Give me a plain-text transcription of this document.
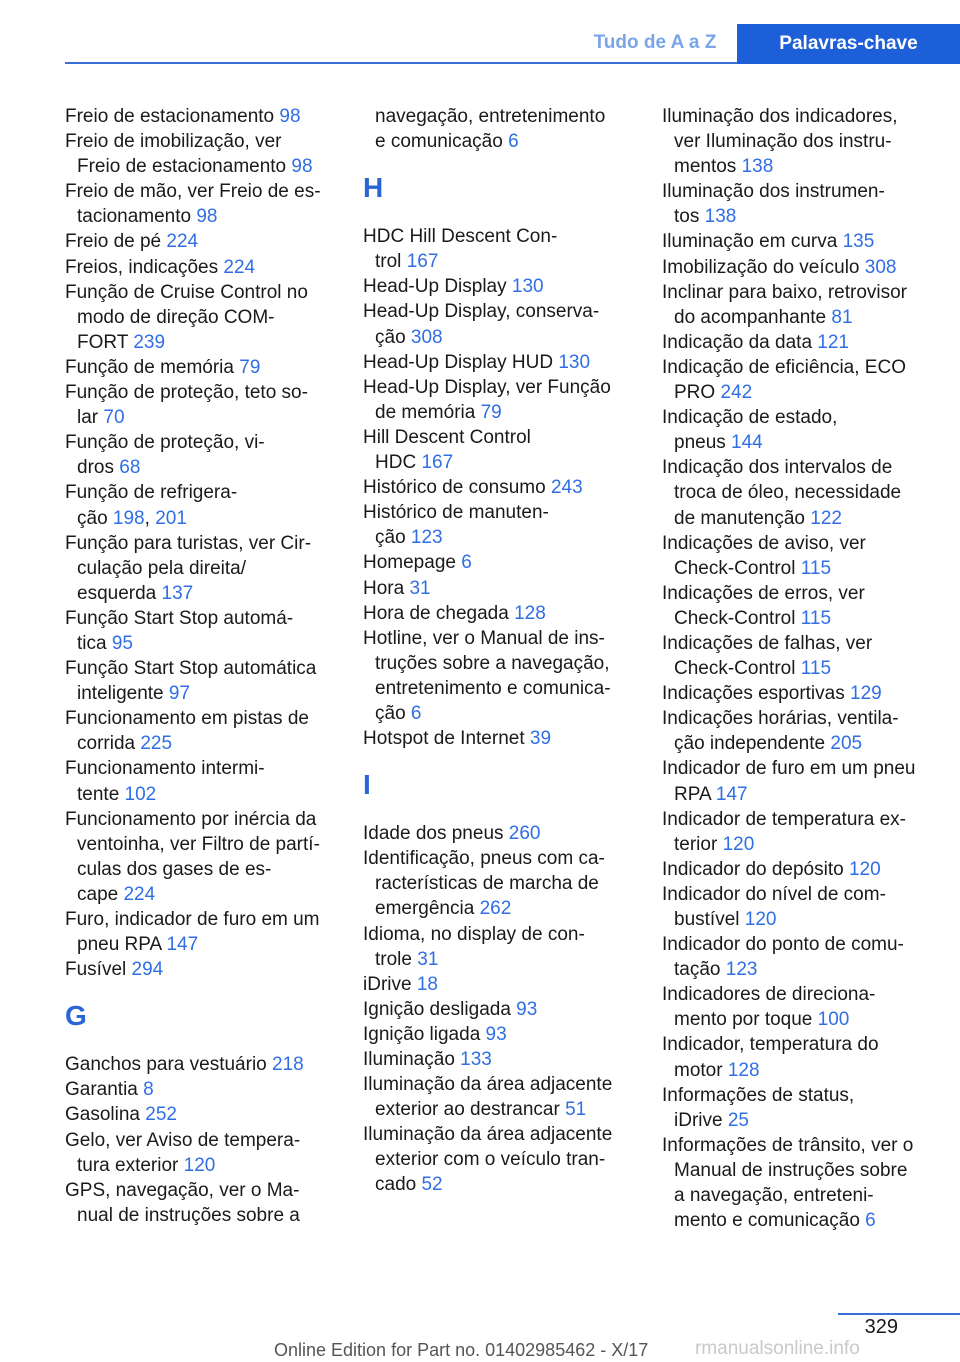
Tudo de A a Z	Palavras-chave
Freio de estacionamento 98
Freio de imobilização, ver
Freio de estacionamento 98
Freio de mão, ver Freio de es-
tacionamento 98
Freio de pé 224
Freios, indicações 224
Função de Cruise Control no
modo de direção COM-
FORT 239
Função de memória 79
Função de proteção, teto so-
lar 70
Função de proteção, vi-
dros 68
Função de refrigera-
ção 198, 201
Função para turistas, ver Cir-
culação pela direita/
esquerda 137
Função Start Stop automá-
tica 95
Função Start Stop automática
inteligente 97
Funcionamento em pistas de
corrida 225
Funcionamento intermi-
tente 102
Funcionamento por inércia da
ventoinha, ver Filtro de partí-
culas dos gases de es-
cape 224
Furo, indicador de furo em um
pneu RPA 147
Fusível 294
G
Ganchos para vestuário 218
Garantia 8
Gasolina 252
Gelo, ver Aviso de tempera-
tura exterior 120
GPS, navegação, ver o Ma-
nual de instruções sobre a
navegação, entretenimento
e comunicação 6
H
HDC Hill Descent Con-
trol 167
Head-Up Display 130
Head-Up Display, conserva-
ção 308
Head-Up Display HUD 130
Head-Up Display, ver Função
de memória 79
Hill Descent Control
HDC 167
Histórico de consumo 243
Histórico de manuten-
ção 123
Homepage 6
Hora 31
Hora de chegada 128
Hotline, ver o Manual de ins-
truções sobre a navegação,
entretenimento e comunica-
ção 6
Hotspot de Internet 39
I
Idade dos pneus 260
Identificação, pneus com ca-
racterísticas de marcha de
emergência 262
Idioma, no display de con-
trole 31
iDrive 18
Ignição desligada 93
Ignição ligada 93
Iluminação 133
Iluminação da área adjacente
exterior ao destrancar 51
Iluminação da área adjacente
exterior com o veículo tran-
cado 52
Iluminação dos indicadores,
ver Iluminação dos instru-
mentos 138
Iluminação dos instrumen-
tos 138
Iluminação em curva 135
Imobilização do veículo 308
Inclinar para baixo, retrovisor
do acompanhante 81
Indicação da data 121
Indicação de eficiência, ECO
PRO 242
Indicação de estado,
pneus 144
Indicação dos intervalos de
troca de óleo, necessidade
de manutenção 122
Indicações de aviso, ver
Check-Control 115
Indicações de erros, ver
Check-Control 115
Indicações de falhas, ver
Check-Control 115
Indicações esportivas 129
Indicações horárias, ventila-
ção independente 205
Indicador de furo em um pneu
RPA 147
Indicador de temperatura ex-
terior 120
Indicador do depósito 120
Indicador do nível de com-
bustível 120
Indicador do ponto de comu-
tação 123
Indicadores de direciona-
mento por toque 100
Indicador, temperatura do
motor 128
Informações de status,
iDrive 25
Informações de trânsito, ver o
Manual de instruções sobre
a navegação, entreteni-
mento e comunicação 6
329
Online Edition for Part no. 01402985462 - X/17 rmanualsonline.info
